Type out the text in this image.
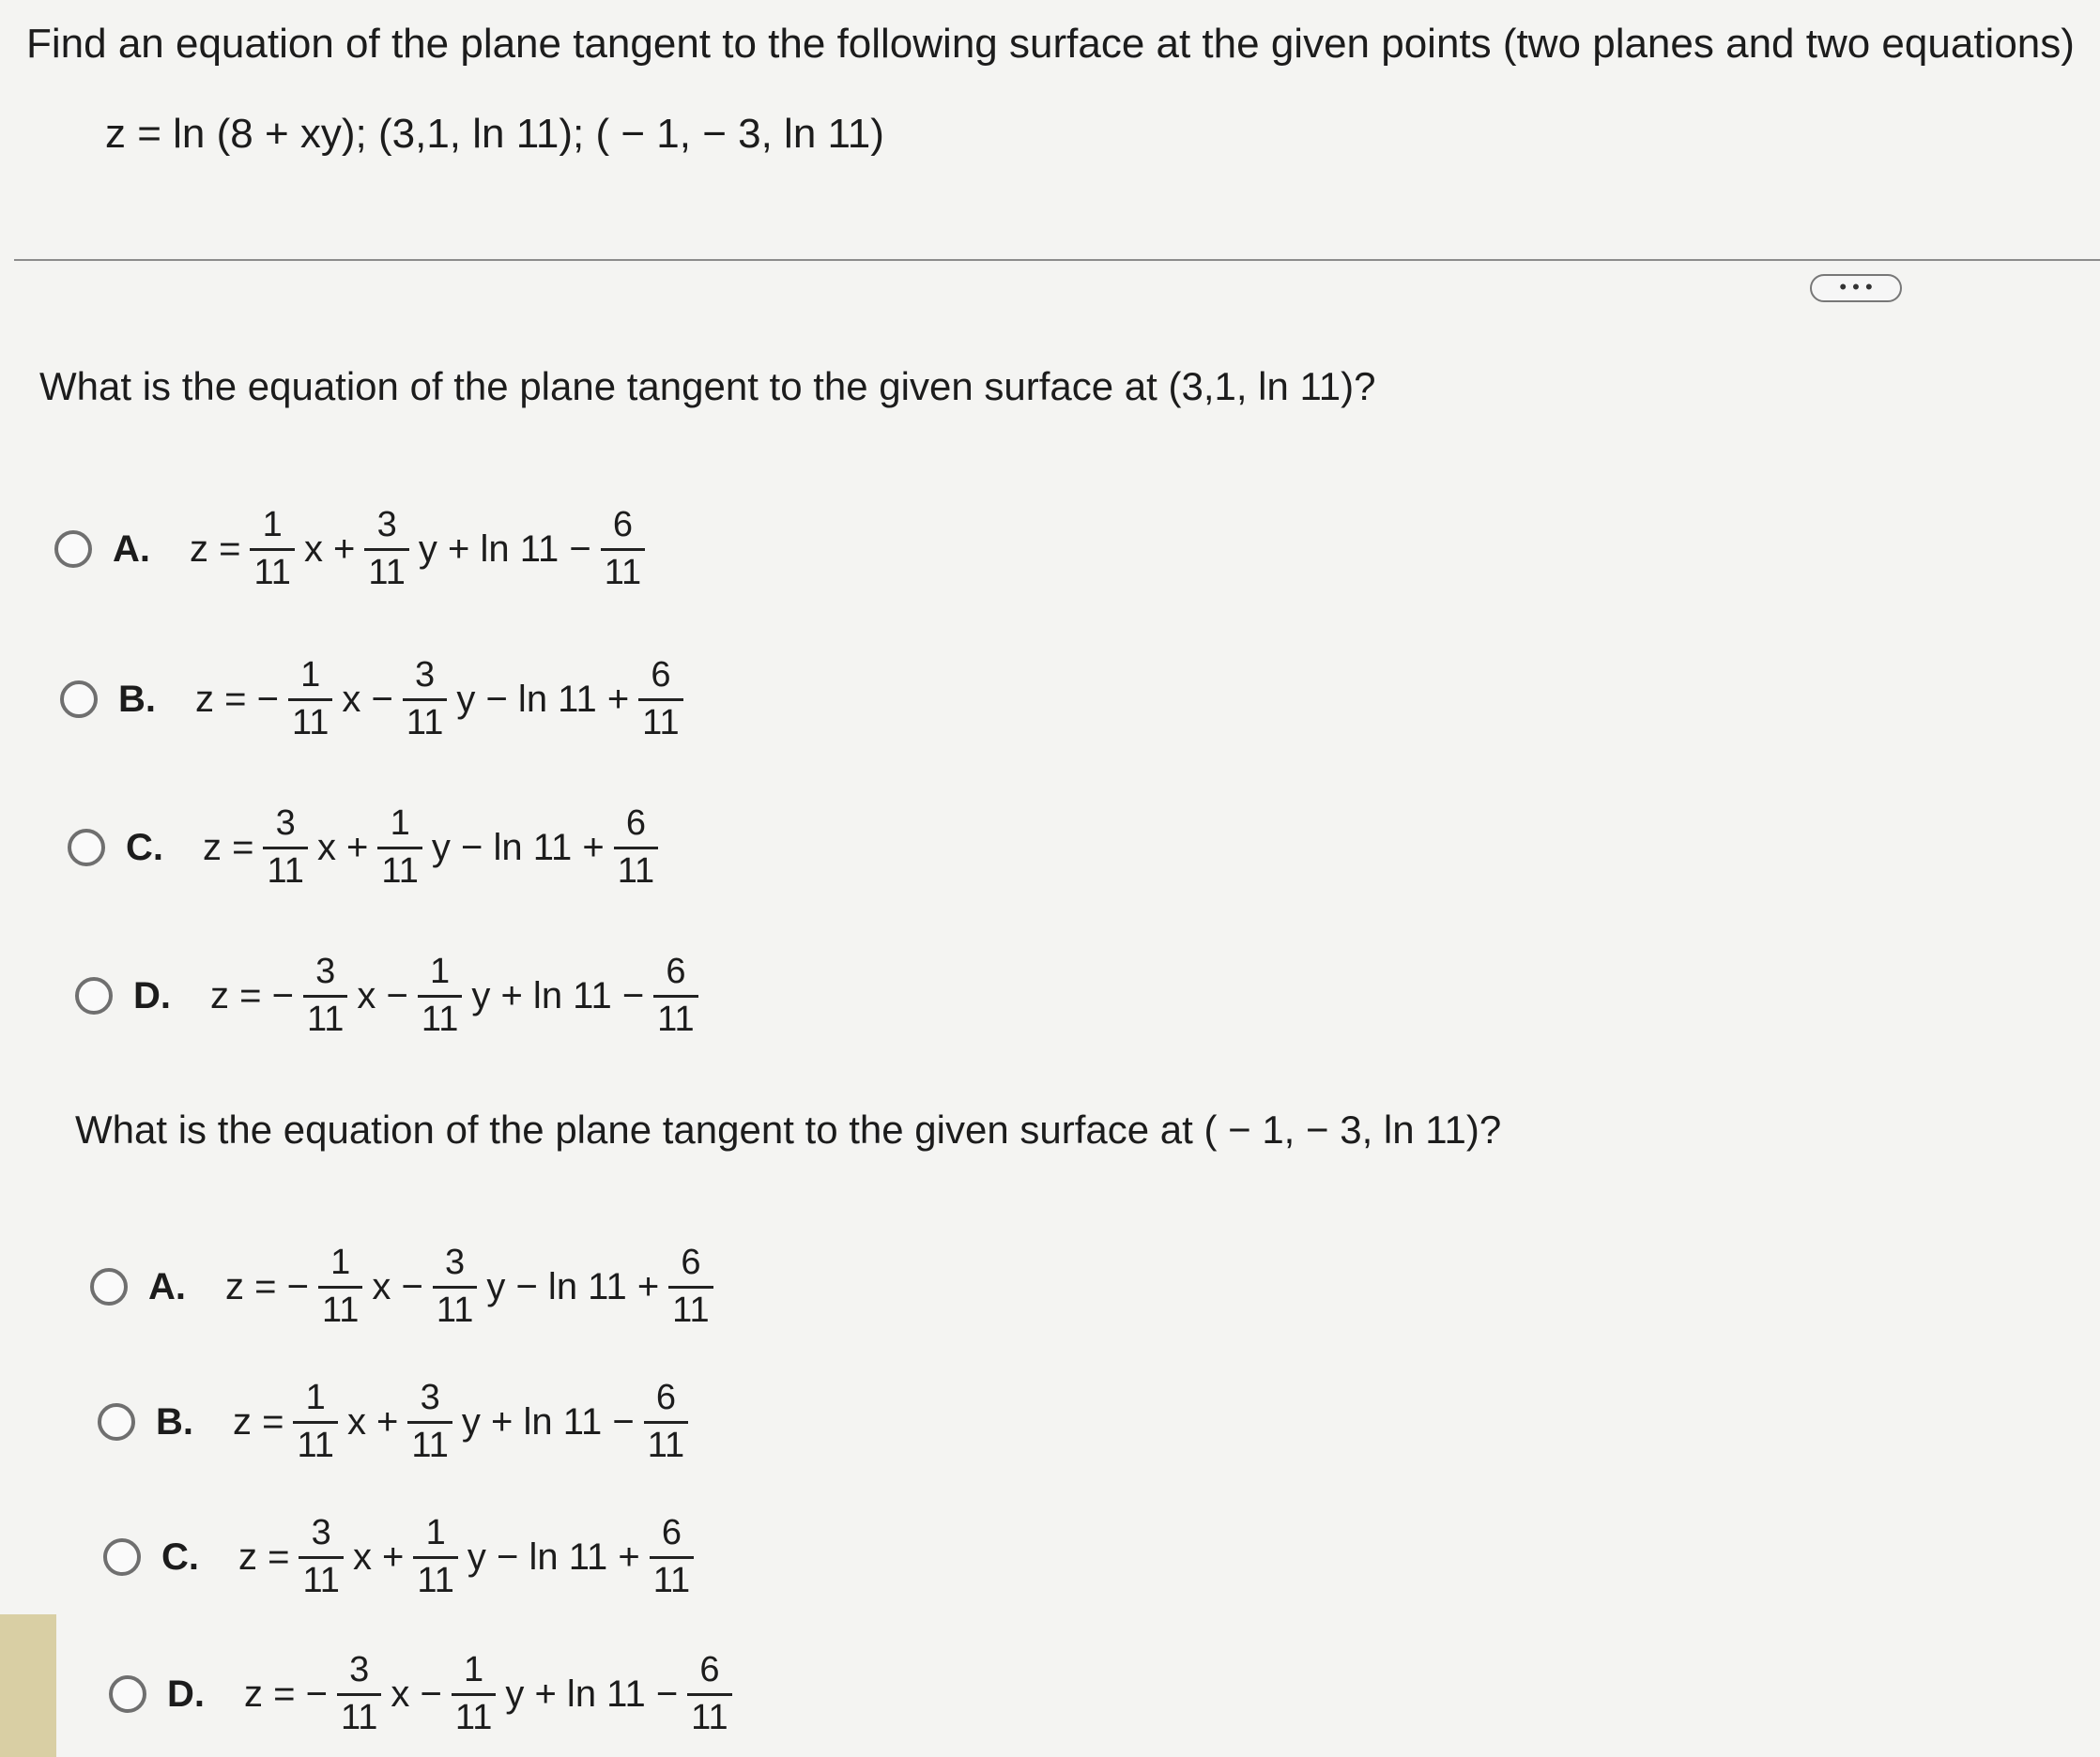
Find an equation of the plane tangent to the following surface at the given points (two planes and two equations)
z = ln (8 + xy); (3,1, ln 11); ( − 1, − 3, ln 11)
• • •
What is the equation of the plane tangent to the given surface at (3,1, ln 11)?
A. $z = \frac{1}{11}$ $x + \frac{3}{11}$ $y + \ln 11 - \frac{6}{11}$
B. z = − $\frac{1}{11}$ $x - \frac{3}{11}$ $y - \ln 11 + \frac{6}{11}$
C. $z = \frac{3}{11}$ $x + \frac{1}{11}$ $y - \ln 11 + \frac{6}{11}$
D. z = − $\frac{3}{11}$ $x - \frac{1}{11}$ $y + \ln 11 - \frac{6}{11}$
What is the equation of the plane tangent to the given surface at ( − 1, − 3, ln 11)?
A. z = − $\frac{1}{11}$ $x - \frac{3}{11}$ $y - \ln 11 + \frac{6}{11}$
B. $z = \frac{1}{11}$ $x + \frac{3}{11}$ $y + \ln 11 - \frac{6}{11}$
C. $z = \frac{3}{11}$ $x + \frac{1}{11}$ $y - \ln 11 + \frac{6}{11}$
D. z = − $\frac{3}{11}$ $x - \frac{1}{11}$ $y + \ln 11 - \frac{6}{11}$
